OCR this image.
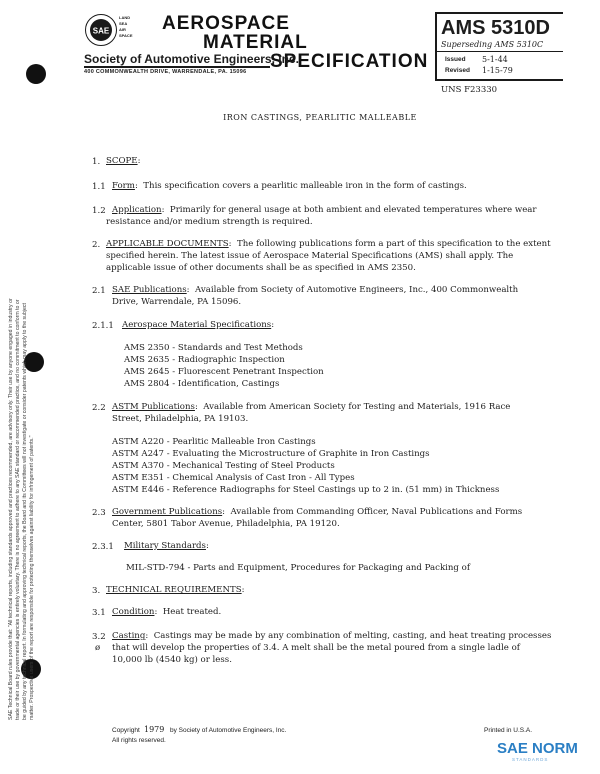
SAE Technical Board rules provide that: "All technical reports, including standards approved and practices recommended, are advisory only. Their use by anyone engaged in industry or trade or their use by governmental agencies is entirely voluntary. There is no agreement to adhere to any SAE standard or recommended practice, and no commitment to conform to or be guided by any technical report. In formulating and approving technical reports, the Board and its Committees will not investigate or consider patents which may apply to the subject matter. Prospective users of the report are responsible for protecting themselves against liability for infringement of patents."
SAE
LAND
SEA
AIR
SPACE
AEROSPACE
MATERIAL
SPECIFICATION
Society of Automotive Engineers, Inc.
400 COMMONWEALTH DRIVE, WARRENDALE, PA. 15096
AMS 5310D
Superseding AMS 5310C
Issued 5-1-44
Revised 1-15-79
UNS F23330
IRON CASTINGS, PEARLITIC MALLEABLE
1. SCOPE:
1.1 Form:  This specification covers a pearlitic malleable iron in the form of castings.
1.2 Application:  Primarily for general usage at both ambient and elevated temperatures where wear
resistance and/or medium strength is required.
2. APPLICABLE DOCUMENTS:  The following publications form a part of this specification to the extent
specified herein. The latest issue of Aerospace Material Specifications (AMS) shall apply. The
applicable issue of other documents shall be as specified in AMS 2350.
2.1 SAE Publications:  Available from Society of Automotive Engineers, Inc., 400 Commonwealth
Drive, Warrendale, PA 15096.
2.1.1 Aerospace Material Specifications:
AMS 2350 - Standards and Test Methods
AMS 2635 - Radiographic Inspection
AMS 2645 - Fluorescent Penetrant Inspection
AMS 2804 - Identification, Castings
2.2 ASTM Publications:  Available from American Society for Testing and Materials, 1916 Race
Street, Philadelphia, PA 19103.
ASTM A220 - Pearlitic Malleable Iron Castings
ASTM A247 - Evaluating the Microstructure of Graphite in Iron Castings
ASTM A370 - Mechanical Testing of Steel Products
ASTM E351 - Chemical Analysis of Cast Iron - All Types
ASTM E446 - Reference Radiographs for Steel Castings up to 2 in. (51 mm) in Thickness
2.3 Government Publications:  Available from Commanding Officer, Naval Publications and Forms
Center, 5801 Tabor Avenue, Philadelphia, PA 19120.
2.3.1 Military Standards:
MIL-STD-794 - Parts and Equipment, Procedures for Packaging and Packing of
3. TECHNICAL REQUIREMENTS:
3.1 Condition:  Heat treated.
3.2 Casting:  Castings may be made by any combination of melting, casting, and heat treating processes
ø that will develop the properties of 3.4. A melt shall be the metal poured from a single ladle of
10,000 lb (4540 kg) or less.
Copyright 1979 by Society of Automotive Engineers, Inc.
All rights reserved.
Printed in U.S.A.
SAE NORM
STANDARDS
